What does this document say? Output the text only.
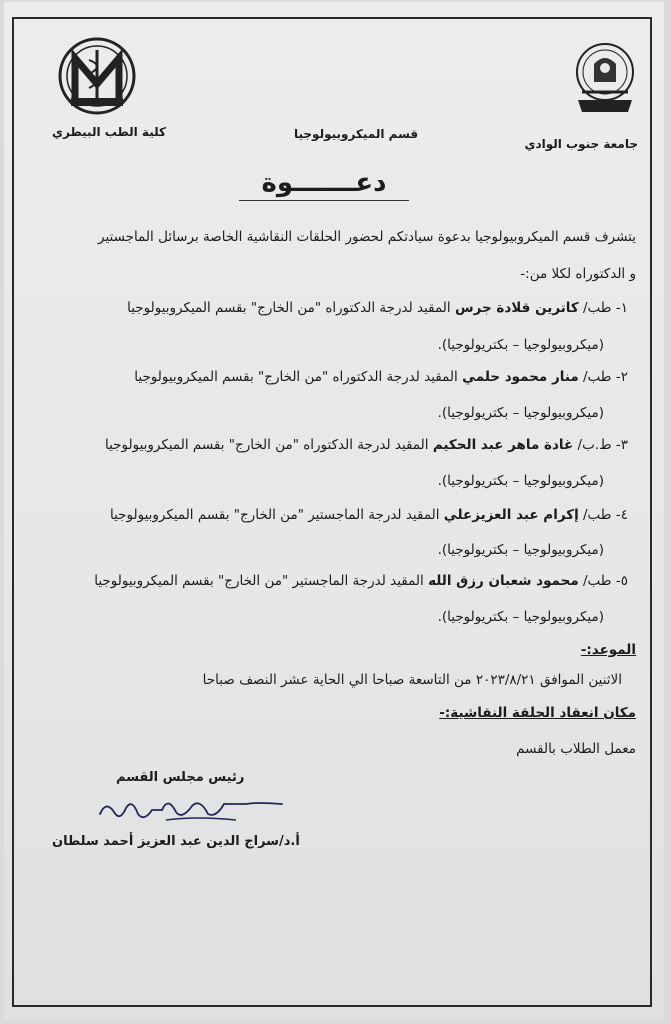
جامعة جنوب الوادي
قسم الميكروبيولوجيا
كلية الطب البيطري
دعـــــــوة
يتشرف قسم الميكروبيولوجيا بدعوة سيادتكم لحضور الحلقات النقاشية الخاصة برسائل الماجستير
و الدكتوراه لكلا من:-
١- طب/ كاترين قلادة جرس المقيد لدرجة الدكتوراه "من الخارج" بقسم الميكروبيولوجيا
(ميكروبيولوجيا – بكتريولوجيا).
٢- طب/ منار محمود حلمي المقيد لدرجة الدكتوراه "من الخارج" بقسم الميكروبيولوجيا
(ميكروبيولوجيا – بكتريولوجيا).
٣- ط.ب/ غادة ماهر عبد الحكيم المقيد لدرجة الدكتوراه "من الخارج" بقسم الميكروبيولوجيا
(ميكروبيولوجيا – بكتريولوجيا).
٤- طب/ إكرام عبد العزيزعلي المقيد لدرجة الماجستير "من الخارج" بقسم الميكروبيولوجيا
(ميكروبيولوجيا – بكتريولوجيا).
٥- طب/ محمود شعبان رزق الله المقيد لدرجة الماجستير "من الخارج" بقسم الميكروبيولوجيا
(ميكروبيولوجيا – بكتريولوجيا).
الموعد:-
الاثنين الموافق ٢٠٢٣/٨/٢١ من التاسعة صباحا الي الحاية عشر النصف صباحا
مكان انعقاد الحلقة النقاشية:-
معمل الطلاب بالقسم
رئيس مجلس القسم
أ.د/سراج الدين عبد العزيز أحمد سلطان
